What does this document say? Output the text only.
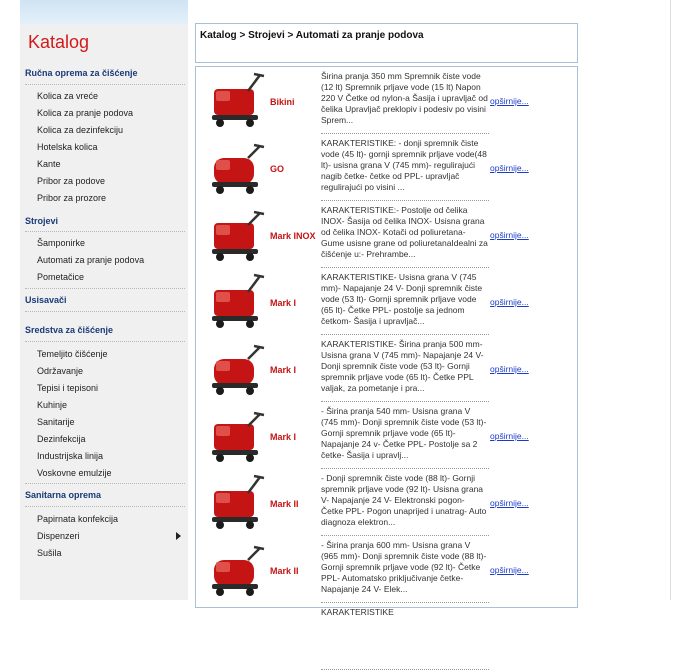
Katalog
Ručna oprema za čišćenje
Kolica za vreće
Kolica za pranje podova
Kolica za dezinfekciju
Hotelska kolica
Kante
Pribor za podove
Pribor za prozore
Strojevi
Šamponirke
Automati za pranje podova
Pometačice
Usisavači
Sredstva za čišćenje
Temeljito čišćenje
Održavanje
Tepisi i tepisoni
Kuhinje
Sanitarije
Dezinfekcija
Industrijska linija
Voskovne emulzije
Sanitarna oprema
Papirnata konfekcija
Dispenzeri
Sušila
Katalog > Strojevi > Automati za pranje podova
Bikini
Širina pranja 350 mm Spremnik čiste vode (12 lt) Spremnik prljave vode (15 lt) Napon 220 V Četke od nylon-a Šasija i upravljač od čelika Upravljač preklopiv i podesiv po visini Sprem...
opširnije...
GO
KARAKTERISTIKE: - donji spremnik čiste vode (45 lt)- gornji spremnik prljave vode(48 lt)- usisna grana V (745 mm)- regulirajući nagib četke- četke od PPL- upravljač regulirajući po visini ...
opširnije...
Mark INOX
KARAKTERISTIKE:- Postolje od čelika INOX- Šasija od čelika INOX- Usisna grana od čelika INOX- Kotači od poliuretana- Gume usisne grane od poliuretanaIdealni za čišćenje u:- Prehrambe...
opširnije...
Mark I
KARAKTERISTIKE- Usisna grana V (745 mm)- Napajanje 24 V- Donji spremnik čiste vode (53 lt)- Gornji spremnik prljave vode (65 lt)- Četke PPL- postolje sa jednom četkom- Šasija i upravljač...
opširnije...
Mark I
KARAKTERISTIKE- Širina pranja 500 mm- Usisna grana V (745 mm)- Napajanje 24 V- Donji spremnik čiste vode (53 lt)- Gornji spremnik prljave vode (65 lt)- Četke PPL valjak, za pometanje i pra...
opširnije...
Mark I
- Širina pranja 540 mm- Usisna grana V (745 mm)- Donji spremnik čiste vode (53 lt)- Gornji spremnik prljave vode (65 lt)- Napajanje 24 v- Četke PPL- Postolje sa 2 četke- Šasija i upravlj...
opširnije...
Mark II
- Donji spremnik čiste vode (88 lt)- Gornji spremnik prljave vode (92 lt)- Usisna grana V- Napajanje 24 V- Elektronski pogon- Četke PPL- Pogon unaprijed i unatrag- Auto diagnoza elektron...
opširnije...
Mark II
- Širina pranja 600 mm- Usisna grana V (965 mm)- Donji spremnik čiste vode (88 lt)- Gornji spremnik prljave vode (92 lt)- Četke PPL- Automatsko priključivanje četke- Napajanje 24 V- Elek...
opširnije...
KARAKTERISTIKE
